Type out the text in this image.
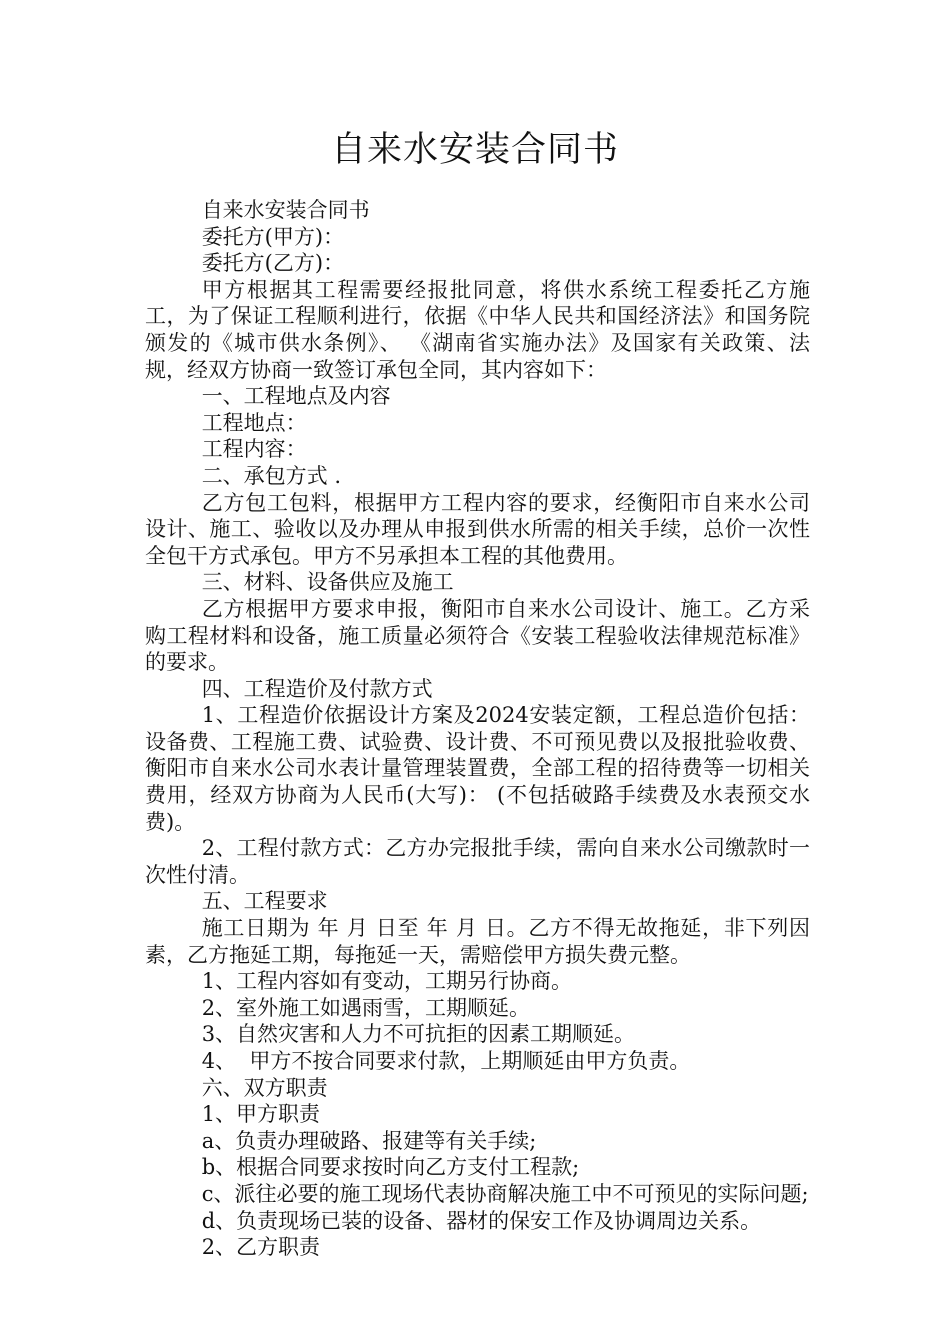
自来水安装合同书

自来水安装合同书

委托方(甲方)：

委托方(乙方)：

甲方根据其工程需要经报批同意，将供水系统工程委托乙方施工，为了保证工程顺利进行，依据《中华人民共和国经济法》和国务院颁发的《城市供水条例》、 《湖南省实施办法》及国家有关政策、法规，经双方协商一致签订承包全同，其内容如下：

一、工程地点及内容

工程地点：

工程内容：

二、承包方式 .

乙方包工包料，根据甲方工程内容的要求，经衡阳市自来水公司设计、施工、验收以及办理从申报到供水所需的相关手续，总价一次性全包干方式承包。甲方不另承担本工程的其他费用。

三、材料、设备供应及施工

乙方根据甲方要求申报，衡阳市自来水公司设计、施工。乙方采购工程材料和设备，施工质量必须符合《安装工程验收法律规范标准》的要求。

四、工程造价及付款方式

1、工程造价依据设计方案及2024安装定额，工程总造价包括：设备费、工程施工费、试验费、设计费、不可预见费以及报批验收费、衡阳市自来水公司水表计量管理装置费，全部工程的招待费等一切相关费用，经双方协商为人民币(大写)： (不包括破路手续费及水表预交水费)。

2、工程付款方式：乙方办完报批手续，需向自来水公司缴款时一次性付清。

五、工程要求

施工日期为 年 月 日至 年 月 日。乙方不得无故拖延，非下列因素，乙方拖延工期，每拖延一天，需赔偿甲方损失费元整。

1、工程内容如有变动，工期另行协商。

2、室外施工如遇雨雪，工期顺延。

3、自然灾害和人力不可抗拒的因素工期顺延。

4、  甲方不按合同要求付款，上期顺延由甲方负责。

六、双方职责

1、甲方职责

a、负责办理破路、报建等有关手续;

b、根据合同要求按时向乙方支付工程款;

c、派往必要的施工现场代表协商解决施工中不可预见的实际问题;

d、负责现场已装的设备、器材的保安工作及协调周边关系。

2、乙方职责
